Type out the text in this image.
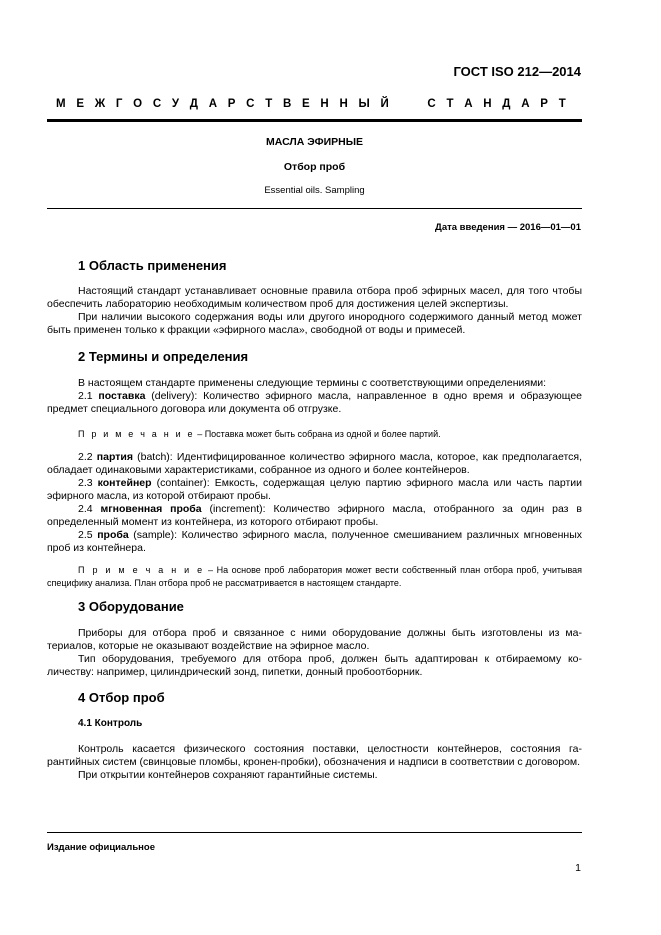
ГОСТ ISO 212—2014
М Е Ж Г О С У Д А Р С Т В Е Н Н Ы Й

	С Т А Н Д А Р Т
МАСЛА ЭФИРНЫЕ
Отбор проб
Essential oils. Sampling
Дата введения — 2016—01—01
1 Область применения

Настоящий стандарт устанавливает основные правила отбора проб эфирных масел, для того чтобы обеспечить лабораторию необходимым количеством проб для достижения целей экспертизы.

При наличии высокого содержания воды или другого инородного содержимого данный метод может быть применен только к фракции «эфирного масла», свободной от воды и примесей.

2 Термины и определения

В настоящем стандарте применены следующие термины с соответствующими определениями:

2.1 поставка (delivery): Количество эфирного масла, направленное в одно время и образующее предмет специального договора или документа об отгрузке.

П р и м е ч а н и е – Поставка может быть собрана из одной и более партий.

2.2 партия (batch): Идентифицированное количество эфирного масла, которое, как предполагается, обладает одинаковыми характеристиками, собранное из одного и более контейнеров.

2.3 контейнер (container): Емкость, содержащая целую партию эфирного масла или часть партии эфирного масла, из которой отбирают пробы.

2.4 мгновенная проба (increment): Количество эфирного масла, отобранного за один раз в определенный момент из контейнера, из которого отбирают пробы.

2.5 проба (sample): Количество эфирного масла, полученное смешиванием различных мгновенных проб из контейнера.

П р и м е ч а н и е – На основе проб лаборатория может вести собственный план отбора проб, учитывая специфику анализа. План отбора проб не рассматривается в настоящем стандарте.

3 Оборудование

Приборы для отбора проб и связанное с ними оборудование должны быть изготовлены из материалов, которые не оказывают воздействие на эфирное масло.

Тип оборудования, требуемого для отбора проб, должен быть адаптирован к отбираемому количеству: например, цилиндрический зонд, пипетки, донный пробоотборник.

4 Отбор проб
4.1 Контроль

Контроль касается физического состояния поставки, целостности контейнеров, состояния гарантийных систем (свинцовые пломбы, кронен-пробки), обозначения и надписи в соответствии с договором.

При открытии контейнеров сохраняют гарантийные системы.

Издание официальное
1
